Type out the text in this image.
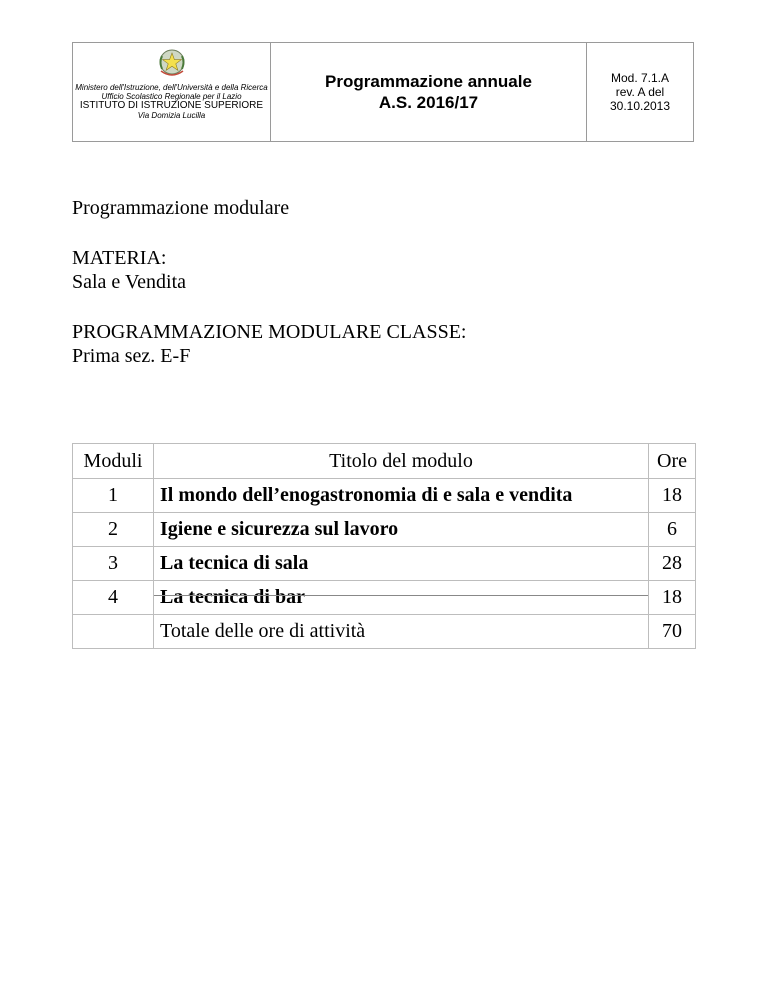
Ministero dell'Istruzione, dell'Università e della Ricerca
Ufficio Scolastico Regionale per il Lazio
ISTITUTO DI ISTRUZIONE SUPERIORE
Via Domizia Lucilla
Programmazione annuale
A.S. 2016/17
Mod. 7.1.A
rev. A del
30.10.2013
Programmazione modulare
MATERIA:
Sala e Vendita
PROGRAMMAZIONE MODULARE CLASSE:
Prima sez. E-F
Moduli	Titolo del modulo	Ore
1	Il mondo dell’enogastronomia di e sala e vendita	18
2	Igiene e sicurezza sul lavoro	6
3	La tecnica di sala	28
4	La tecnica di bar	18
	Totale delle ore di attività	70
